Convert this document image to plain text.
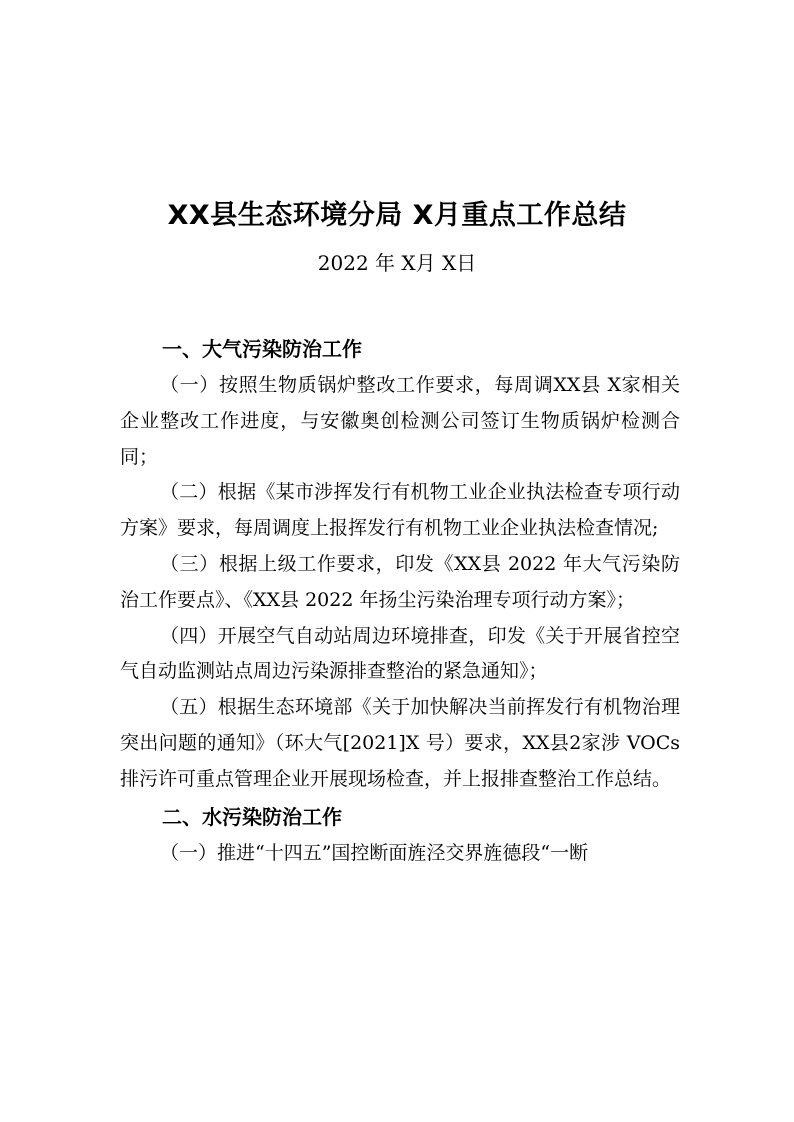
XX县生态环境分局 X月重点工作总结
2022 年 X月 X日
一、大气污染防治工作

（一）按照生物质锅炉整改工作要求，每周调XX县 X家相关企业整改工作进度，与安徽奥创检测公司签订生物质锅炉检测合同；

（二）根据《某市涉挥发行有机物工业企业执法检查专项行动方案》要求，每周调度上报挥发行有机物工业企业执法检查情况;

（三）根据上级工作要求，印发《XX县 2022 年大气污染防治工作要点》、《XX县 2022 年扬尘污染治理专项行动方案》；

（四）开展空气自动站周边环境排查，印发《关于开展省控空气自动监测站点周边污染源排查整治的紧急通知》；

（五）根据生态环境部《关于加快解决当前挥发行有机物治理突出问题的通知》（环大气[2021]X 号）要求，XX县2家涉 VOCs 排污许可重点管理企业开展现场检查，并上报排查整治工作总结。

二、水污染防治工作

（一）推进“十四五”国控断面旌泾交界旌德段“一断
